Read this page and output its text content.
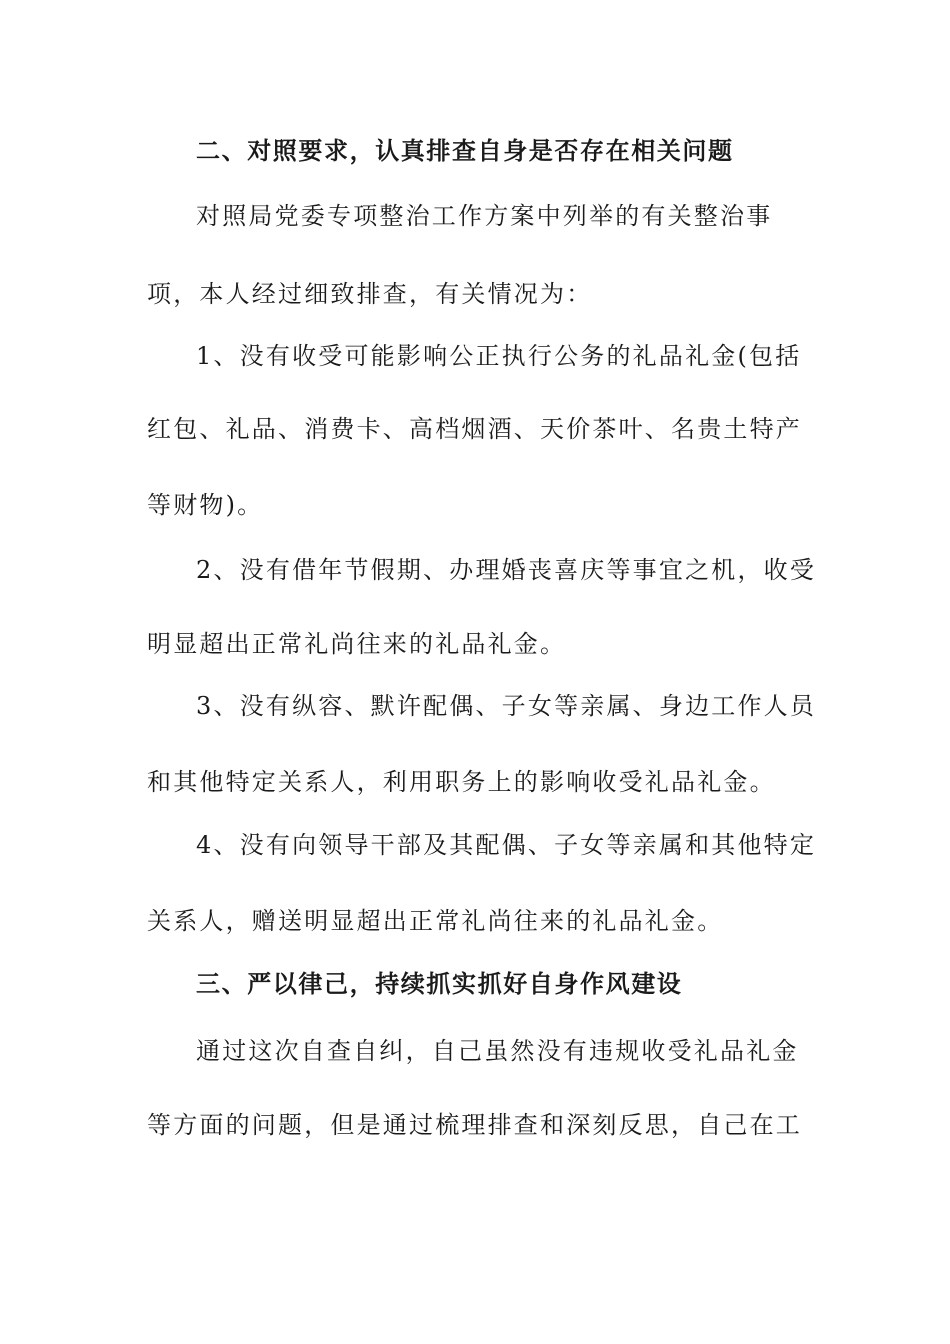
二、对照要求，认真排查自身是否存在相关问题
对照局党委专项整治工作方案中列举的有关整治事
项，本人经过细致排查，有关情况为：
1、没有收受可能影响公正执行公务的礼品礼金(包括
红包、礼品、消费卡、高档烟酒、天价茶叶、名贵土特产
等财物)。
2、没有借年节假期、办理婚丧喜庆等事宜之机，收受
明显超出正常礼尚往来的礼品礼金。
3、没有纵容、默许配偶、子女等亲属、身边工作人员
和其他特定关系人，利用职务上的影响收受礼品礼金。
4、没有向领导干部及其配偶、子女等亲属和其他特定
关系人，赠送明显超出正常礼尚往来的礼品礼金。
三、严以律己，持续抓实抓好自身作风建设
通过这次自查自纠，自己虽然没有违规收受礼品礼金
等方面的问题，但是通过梳理排查和深刻反思，自己在工
